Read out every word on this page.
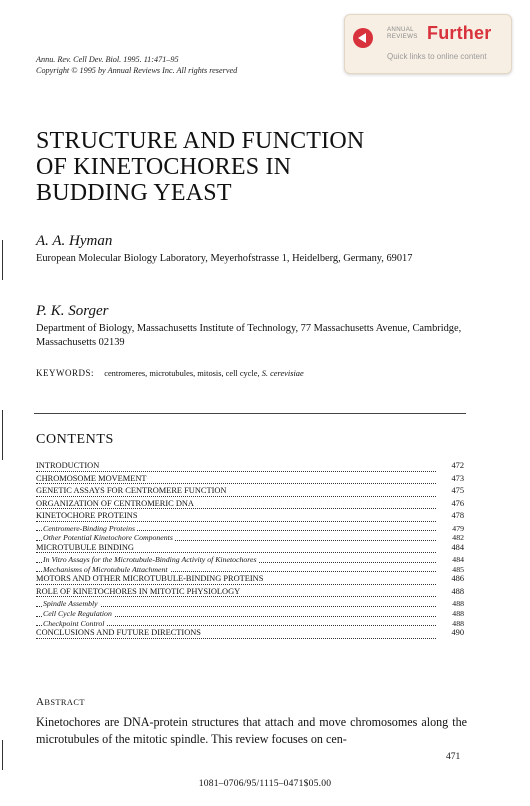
ANNUAL
REVIEWS Further
Quick links to online content
Annu. Rev. Cell Dev. Biol. 1995. 11:471–95
Copyright © 1995 by Annual Reviews Inc. All rights reserved
STRUCTURE AND FUNCTION
OF KINETOCHORES IN
BUDDING YEAST
A. A. Hyman
European Molecular Biology Laboratory, Meyerhofstrasse 1, Heidelberg, Germany, 69017
P. K. Sorger
Department of Biology, Massachusetts Institute of Technology, 77 Massachusetts Avenue, Cambridge, Massachusetts 02139
KEYWORDS: centromeres, microtubules, mitosis, cell cycle, S. cerevisiae
CONTENTS
INTRODUCTION	472
CHROMOSOME MOVEMENT	473
GENETIC ASSAYS FOR CENTROMERE FUNCTION	475
ORGANIZATION OF CENTROMERIC DNA	476
KINETOCHORE PROTEINS	478
Centromere-Binding Proteins	479
Other Potential Kinetochore Components	482
MICROTUBULE BINDING	484
In Vitro Assays for the Microtubule-Binding Activity of Kinetochores	484
Mechanisms of Microtubule Attachment	485
MOTORS AND OTHER MICROTUBULE-BINDING PROTEINS	486
ROLE OF KINETOCHORES IN MITOTIC PHYSIOLOGY	488
Spindle Assembly	488
Cell Cycle Regulation	488
Checkpoint Control	488
CONCLUSIONS AND FUTURE DIRECTIONS	490
ABSTRACT
Kinetochores are DNA-protein structures that attach and move chromosomes along the microtubules of the mitotic spindle. This review focuses on cen-
471
1081–0706/95/1115–0471$05.00
